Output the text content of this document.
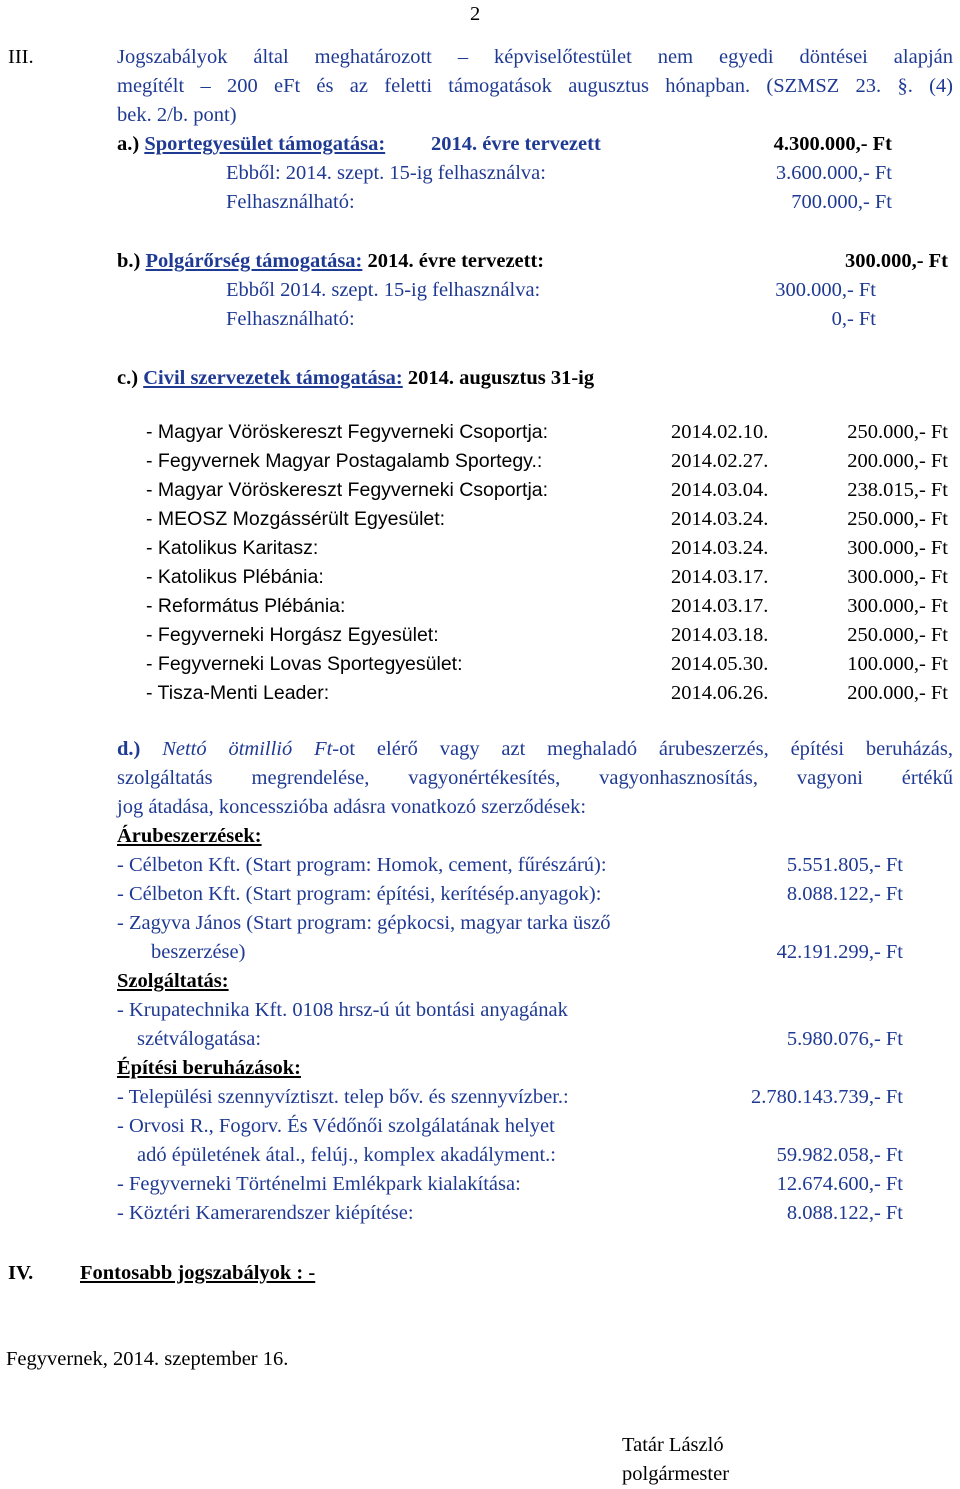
2
III.	Jogszabályok által meghatározott – képviselőtestület nem egyedi döntései alapján
megítélt – 200 eFt és az feletti támogatások augusztus hónapban. (SZMSZ 23. §. (4)
bek. 2/b. pont)
a.) Sportegyesület támogatása: 2014. évre tervezett	4.300.000,- Ft
Ebből: 2014. szept. 15-ig felhasználva:	3.600.000,- Ft
Felhasználható:	700.000,- Ft
b.) Polgárőrség támogatása: 2014. évre tervezett:	300.000,- Ft
Ebből 2014. szept. 15-ig felhasználva:	300.000,- Ft
Felhasználható:	0,- Ft
c.) Civil szervezetek támogatása: 2014. augusztus 31-ig
- Magyar Vöröskereszt Fegyverneki Csoportja:	2014.02.10.	250.000,- Ft
- Fegyvernek Magyar Postagalamb Sportegy.:	2014.02.27.	200.000,- Ft
- Magyar Vöröskereszt Fegyverneki Csoportja:	2014.03.04.	238.015,- Ft
- MEOSZ Mozgássérült Egyesület:	2014.03.24.	250.000,- Ft
- Katolikus Karitasz:	2014.03.24.	300.000,- Ft
- Katolikus Plébánia:	2014.03.17.	300.000,- Ft
- Református Plébánia:	2014.03.17.	300.000,- Ft
- Fegyverneki Horgász Egyesület:	2014.03.18.	250.000,- Ft
- Fegyverneki Lovas Sportegyesület:	2014.05.30.	100.000,- Ft
- Tisza-Menti Leader:	2014.06.26.	200.000,- Ft
d.) Nettó ötmillió Ft-ot elérő vagy azt meghaladó árubeszerzés, építési beruházás,
szolgáltatás megrendelése, vagyonértékesítés, vagyonhasznosítás, vagyoni értékű
jog átadása, koncesszióba adásra vonatkozó szerződések:
Árubeszerzések:
- Célbeton Kft. (Start program: Homok, cement, fűrészárú):	5.551.805,- Ft
- Célbeton Kft. (Start program: építési, kerítésép.anyagok):	8.088.122,- Ft
- Zagyva János (Start program: gépkocsi, magyar tarka üsző
beszerzése)	42.191.299,- Ft
Szolgáltatás:
- Krupatechnika Kft. 0108 hrsz-ú út bontási anyagának
szétválogatása:	5.980.076,- Ft
Építési beruházások:
- Települési szennyvíztiszt. telep bőv. és szennyvízber.:	2.780.143.739,- Ft
- Orvosi R., Fogorv. És Védőnői szolgálatának helyet
adó épületének átal., felúj., komplex akadályment.:	59.982.058,- Ft
- Fegyverneki Történelmi Emlékpark kialakítása:	12.674.600,- Ft
- Köztéri Kamerarendszer kiépítése:	8.088.122,- Ft
IV. Fontosabb jogszabályok : -
Fegyvernek, 2014. szeptember 16.
Tatár László
polgármester
